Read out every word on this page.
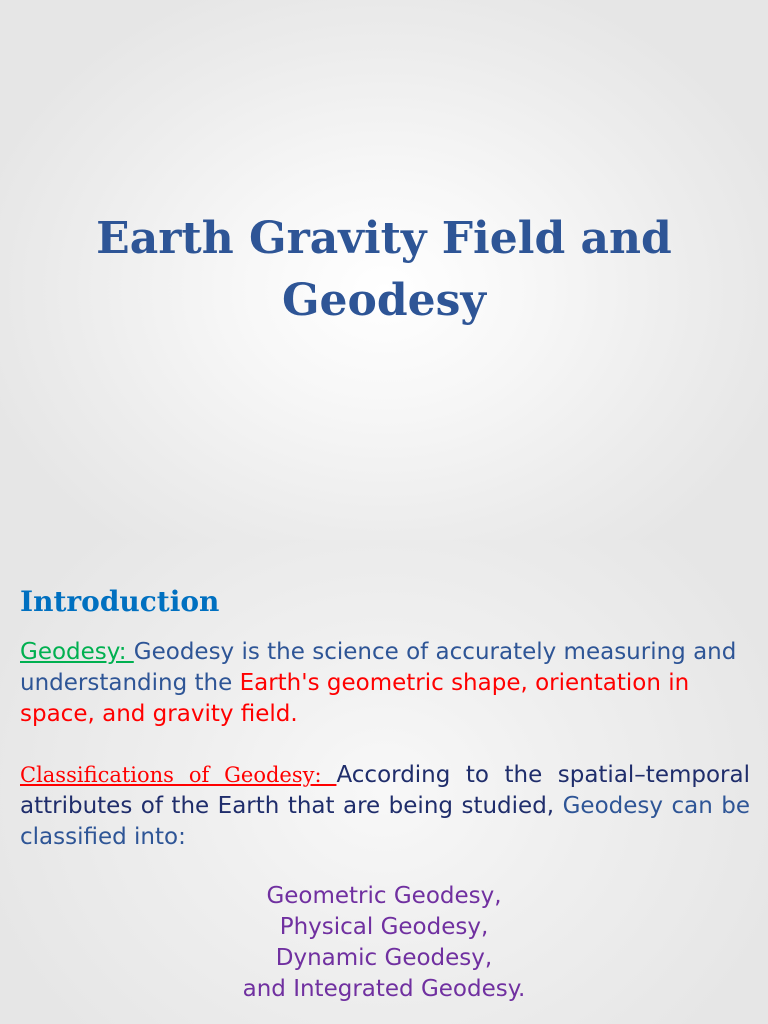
Earth Gravity Field and
Geodesy
Introduction

Geodesy: Geodesy is the science of accurately measuring and understanding the Earth's geometric shape, orientation in space, and gravity field.

Classifications of Geodesy: According to the spatial–temporal attributes of the Earth that are being studied, Geodesy can be classified into:

Geometric Geodesy,
Physical Geodesy,
Dynamic Geodesy,
and Integrated Geodesy.
